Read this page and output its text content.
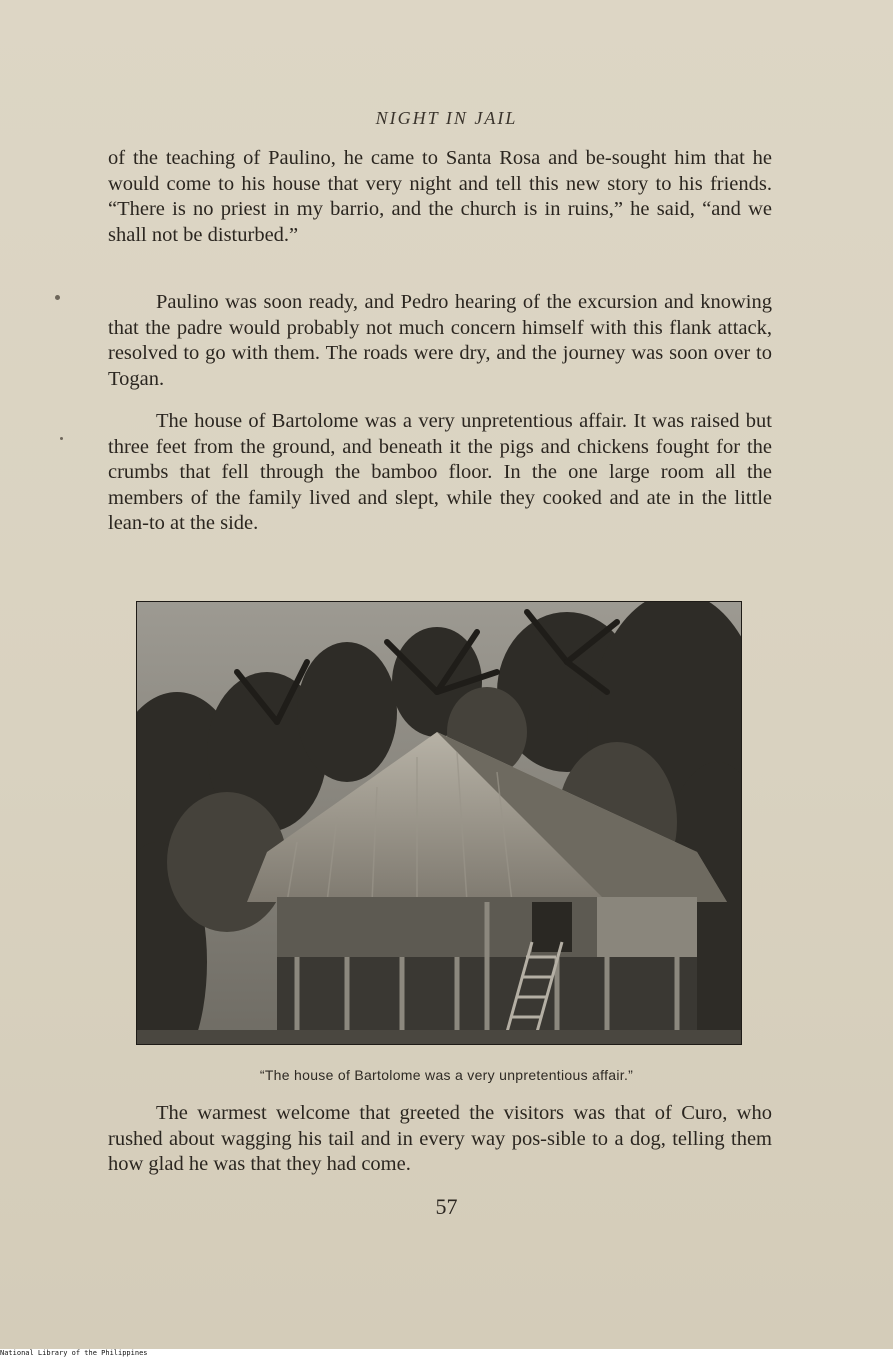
NIGHT IN JAIL

of the teaching of Paulino, he came to Santa Rosa and be-sought him that he would come to his house that very night and tell this new story to his friends. “There is no priest in my barrio, and the church is in ruins,” he said, “and we shall not be disturbed.”

Paulino was soon ready, and Pedro hearing of the excursion and knowing that the padre would probably not much concern himself with this flank attack, resolved to go with them. The roads were dry, and the journey was soon over to Togan.

The house of Bartolome was a very unpretentious affair. It was raised but three feet from the ground, and beneath it the pigs and chickens fought for the crumbs that fell through the bamboo floor. In the one large room all the members of the family lived and slept, while they cooked and ate in the little lean-to at the side.

“The house of Bartolome was a very unpretentious affair.”

The warmest welcome that greeted the visitors was that of Curo, who rushed about wagging his tail and in every way pos-sible to a dog, telling them how glad he was that they had come.

57
National Library of the Philippines
